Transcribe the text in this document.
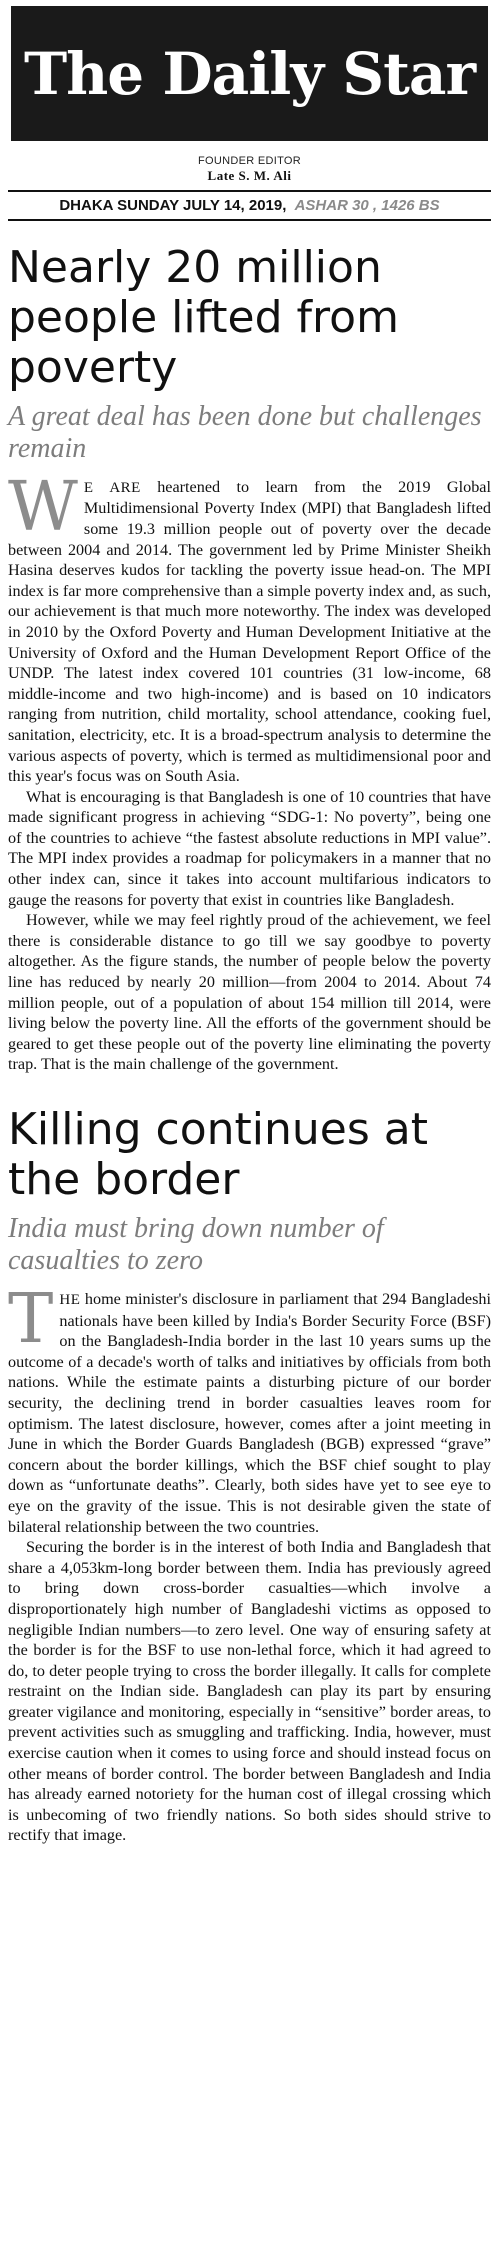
The Daily Star
FOUNDER EDITOR
Late S. M. Ali
DHAKA SUNDAY JULY 14, 2019, ASHAR 30 , 1426 BS
Nearly 20 million people lifted from poverty
A great deal has been done but challenges remain

WE ARE heartened to learn from the 2019 Global Multidimensional Poverty Index (MPI) that Bangladesh lifted some 19.3 million people out of poverty over the decade between 2004 and 2014. The government led by Prime Minister Sheikh Hasina deserves kudos for tackling the poverty issue head-on. The MPI index is far more comprehensive than a simple poverty index and, as such, our achievement is that much more noteworthy. The index was developed in 2010 by the Oxford Poverty and Human Development Initiative at the University of Oxford and the Human Development Report Office of the UNDP. The latest index covered 101 countries (31 low-income, 68 middle-income and two high-income) and is based on 10 indicators ranging from nutrition, child mortality, school attendance, cooking fuel, sanitation, electricity, etc. It is a broad-spectrum analysis to determine the various aspects of poverty, which is termed as multidimensional poor and this year's focus was on South Asia.

What is encouraging is that Bangladesh is one of 10 countries that have made significant progress in achieving “SDG-1: No poverty”, being one of the countries to achieve “the fastest absolute reductions in MPI value”. The MPI index provides a roadmap for policymakers in a manner that no other index can, since it takes into account multifarious indicators to gauge the reasons for poverty that exist in countries like Bangladesh.

However, while we may feel rightly proud of the achievement, we feel there is considerable distance to go till we say goodbye to poverty altogether. As the figure stands, the number of people below the poverty line has reduced by nearly 20 million—from 2004 to 2014. About 74 million people, out of a population of about 154 million till 2014, were living below the poverty line. All the efforts of the government should be geared to get these people out of the poverty line eliminating the poverty trap. That is the main challenge of the government.

Killing continues at the border
India must bring down number of casualties to zero

THE home minister's disclosure in parliament that 294 Bangladeshi nationals have been killed by India's Border Security Force (BSF) on the Bangladesh-India border in the last 10 years sums up the outcome of a decade's worth of talks and initiatives by officials from both nations. While the estimate paints a disturbing picture of our border security, the declining trend in border casualties leaves room for optimism. The latest disclosure, however, comes after a joint meeting in June in which the Border Guards Bangladesh (BGB) expressed “grave” concern about the border killings, which the BSF chief sought to play down as “unfortunate deaths”. Clearly, both sides have yet to see eye to eye on the gravity of the issue. This is not desirable given the state of bilateral relationship between the two countries.

Securing the border is in the interest of both India and Bangladesh that share a 4,053km-long border between them. India has previously agreed to bring down cross-border casualties—which involve a disproportionately high number of Bangladeshi victims as opposed to negligible Indian numbers—to zero level. One way of ensuring safety at the border is for the BSF to use non-lethal force, which it had agreed to do, to deter people trying to cross the border illegally. It calls for complete restraint on the Indian side. Bangladesh can play its part by ensuring greater vigilance and monitoring, especially in “sensitive” border areas, to prevent activities such as smuggling and trafficking. India, however, must exercise caution when it comes to using force and should instead focus on other means of border control. The border between Bangladesh and India has already earned notoriety for the human cost of illegal crossing which is unbecoming of two friendly nations. So both sides should strive to rectify that image.
